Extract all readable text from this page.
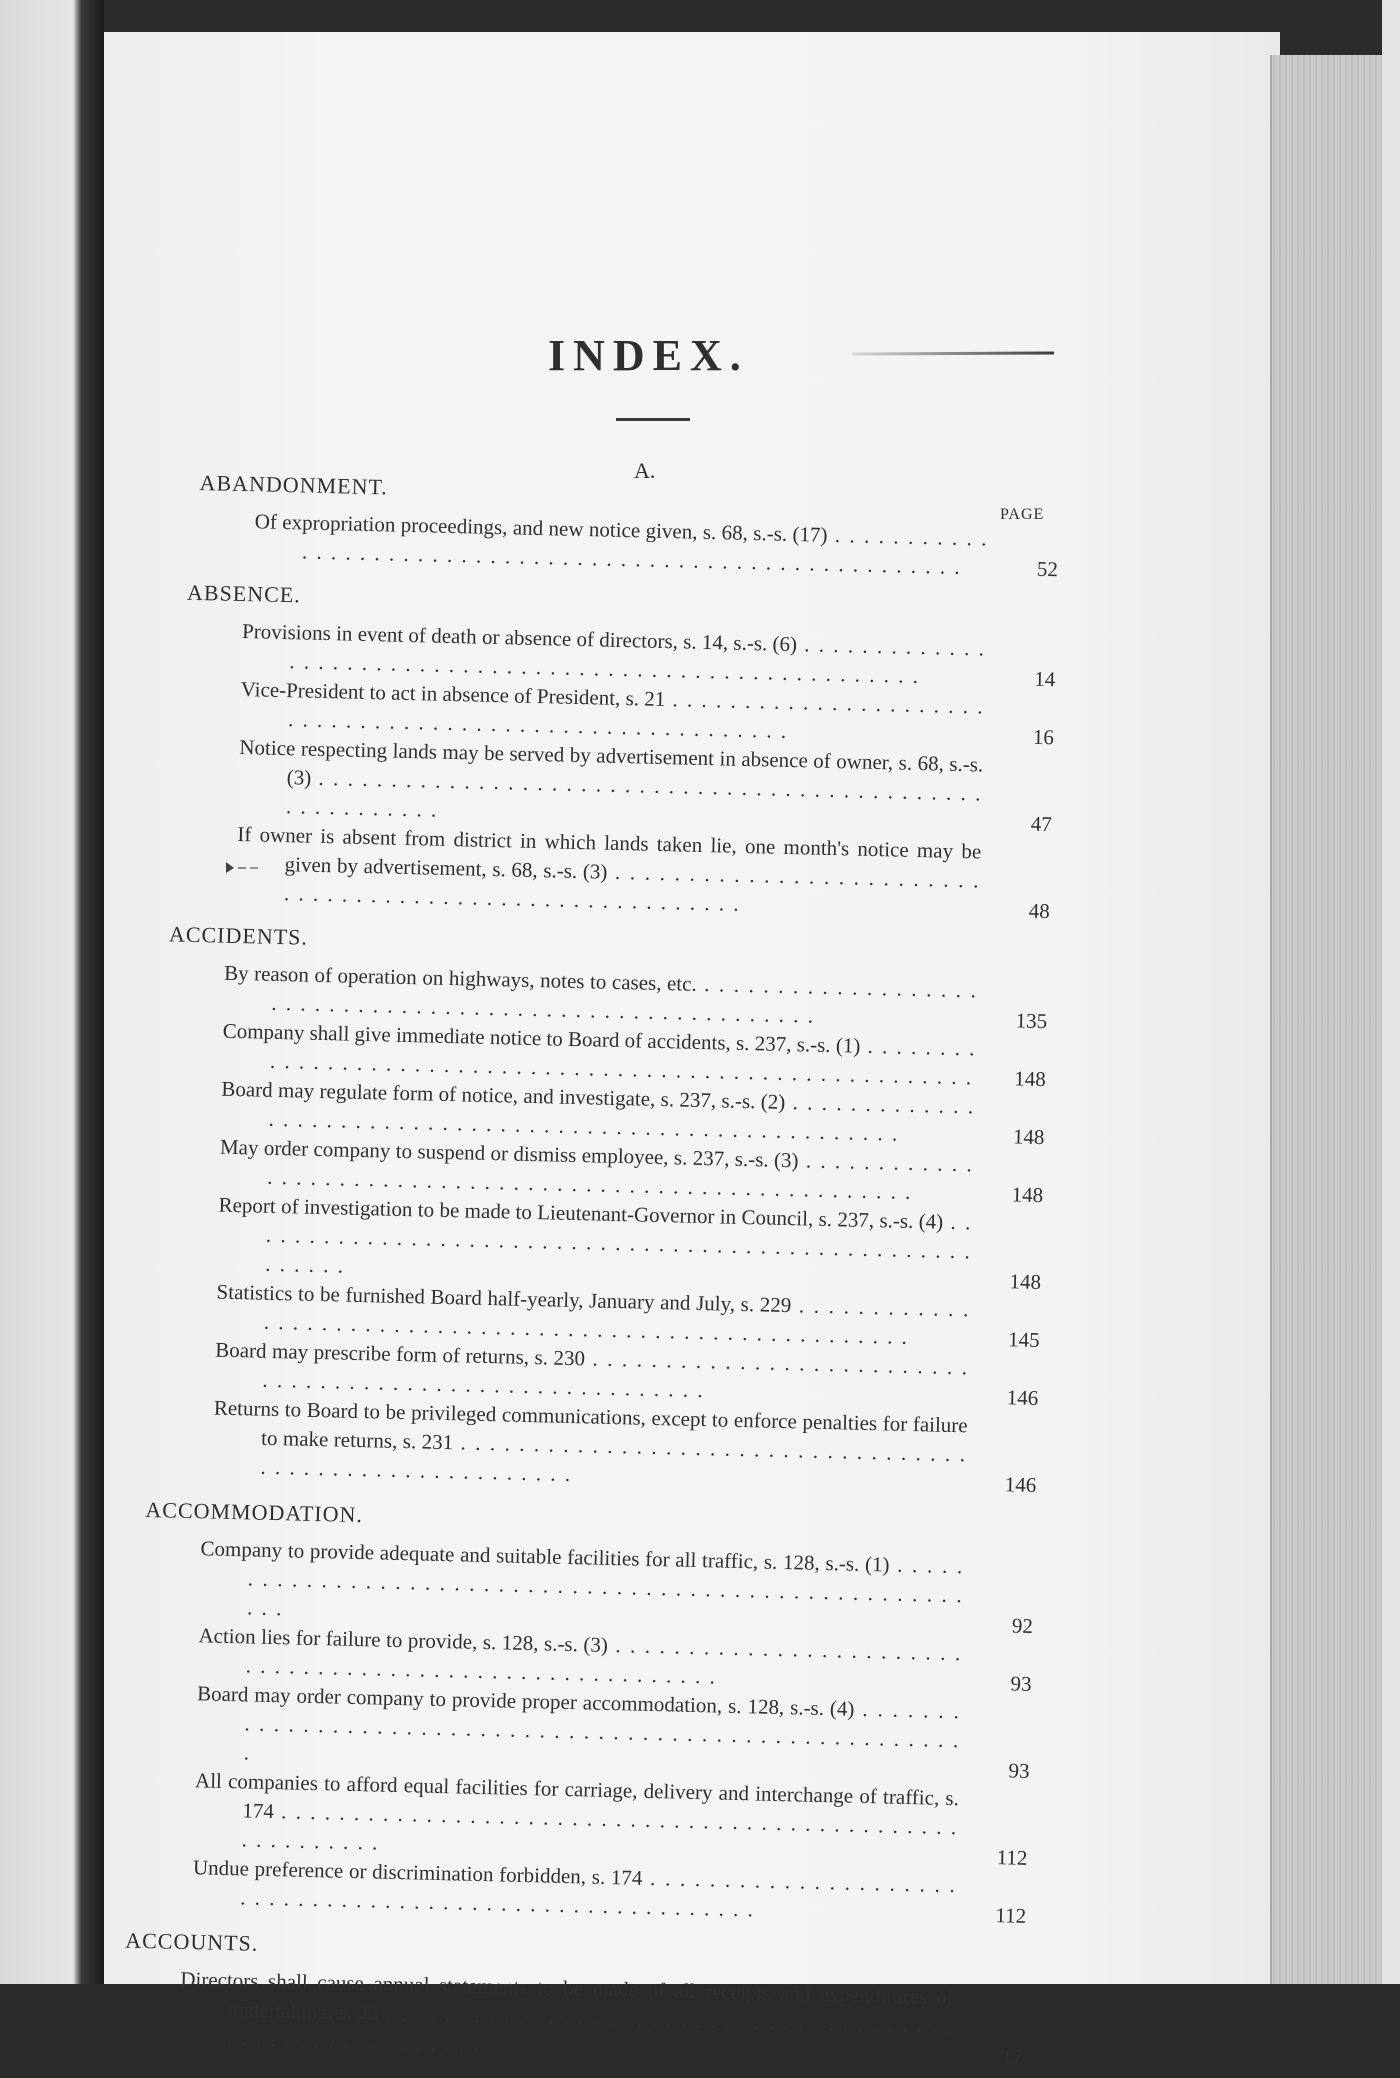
INDEX.
A.
PAGE
ABANDONMENT.
Of expropriation proceedings, and new notice given, s. 68, s.-s. (17) . . .
52
ABSENCE.
Provisions in event of death or absence of directors, s. 14, s.-s. (6) . . .
14
Vice-President to act in absence of President, s. 21 . . .
16
Notice respecting lands may be served by advertisement in absence of owner, s. 68, s.-s. (3) . . .
47
If owner is absent from district in which lands taken lie, one month's notice may be given by advertisement, s. 68, s.-s. (3) . . .
48
ACCIDENTS.
By reason of operation on highways, notes to cases, etc. . . .
135
Company shall give immediate notice to Board of accidents, s. 237, s.-s. (1) . . .
148
Board may regulate form of notice, and investigate, s. 237, s.-s. (2) . . .
148
May order company to suspend or dismiss employee, s. 237, s.-s. (3) . . .
148
Report of investigation to be made to Lieutenant-Governor in Council, s. 237, s.-s. (4) . . .
148
Statistics to be furnished Board half-yearly, January and July, s. 229 . . .
145
Board may prescribe form of returns, s. 230 . . .
146
Returns to Board to be privileged communications, except to enforce penalties for failure to make returns, s. 231 . . .
146
ACCOMMODATION.
Company to provide adequate and suitable facilities for all traffic, s. 128, s.-s. (1) . . .
92
Action lies for failure to provide, s. 128, s.-s. (3) . . .
93
Board may order company to provide proper accommodation, s. 128, s.-s. (4) . . .
93
All companies to afford equal facilities for carriage, delivery and interchange of traffic, s. 174 . . .
112
Undue preference or discrimination forbidden, s. 174 . . .
112
ACCOUNTS.
Directors shall cause annual statements to be made of all receipts and expenditures of undertaking, s. 23 . . .
17
